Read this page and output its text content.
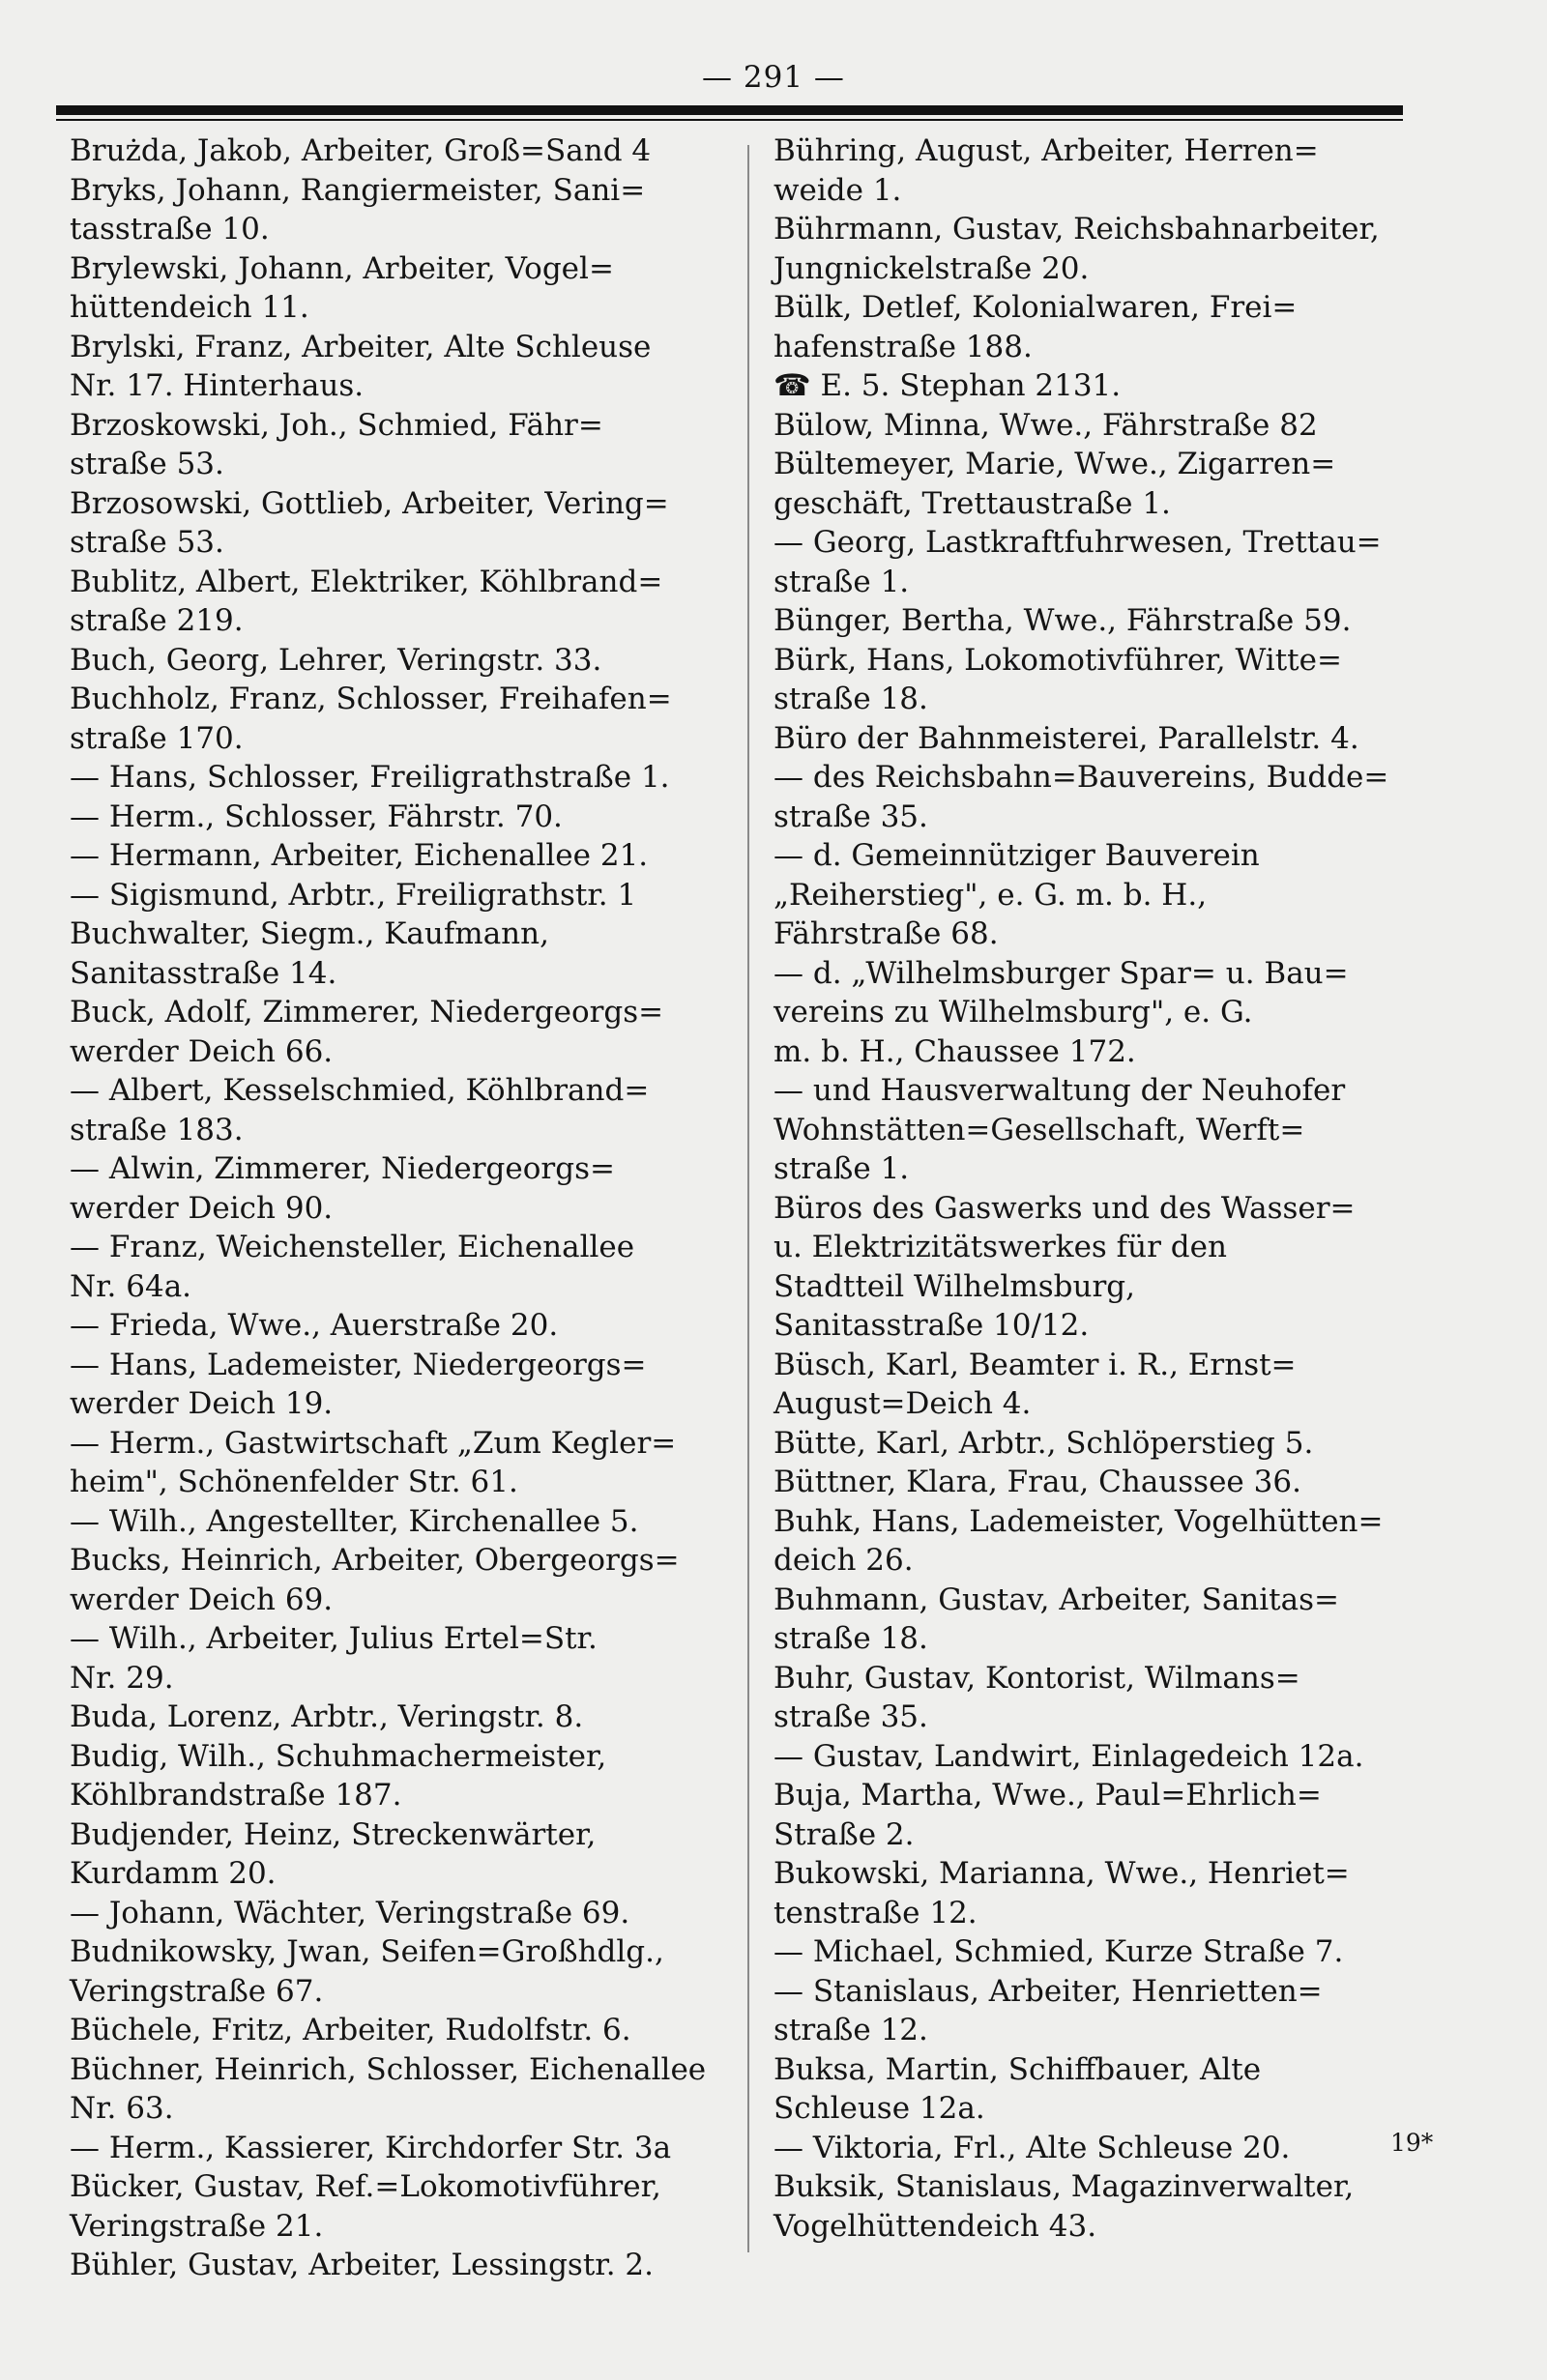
— 291 —
Brużda, Jakob, Arbeiter, Groß=Sand 4
Bryks, Johann, Rangiermeister, Sani=
tasstraße 10.
Brylewski, Johann, Arbeiter, Vogel=
hüttendeich 11.
Brylski, Franz, Arbeiter, Alte Schleuse
Nr. 17. Hinterhaus.
Brzoskowski, Joh., Schmied, Fähr=
straße 53.
Brzosowski, Gottlieb, Arbeiter, Vering=
straße 53.
Bublitz, Albert, Elektriker, Köhlbrand=
straße 219.
Buch, Georg, Lehrer, Veringstr. 33.
Buchholz, Franz, Schlosser, Freihafen=
straße 170.
— Hans, Schlosser, Freiligrathstraße 1.
— Herm., Schlosser, Fährstr. 70.
— Hermann, Arbeiter, Eichenallee 21.
— Sigismund, Arbtr., Freiligrathstr. 1
Buchwalter, Siegm., Kaufmann,
Sanitasstraße 14.
Buck, Adolf, Zimmerer, Niedergeorgs=
werder Deich 66.
— Albert, Kesselschmied, Köhlbrand=
straße 183.
— Alwin, Zimmerer, Niedergeorgs=
werder Deich 90.
— Franz, Weichensteller, Eichenallee
Nr. 64a.
— Frieda, Wwe., Auerstraße 20.
— Hans, Lademeister, Niedergeorgs=
werder Deich 19.
— Herm., Gastwirtschaft „Zum Kegler=
heim", Schönenfelder Str. 61.
— Wilh., Angestellter, Kirchenallee 5.
Bucks, Heinrich, Arbeiter, Obergeorgs=
werder Deich 69.
— Wilh., Arbeiter, Julius Ertel=Str.
Nr. 29.
Buda, Lorenz, Arbtr., Veringstr. 8.
Budig, Wilh., Schuhmachermeister,
Köhlbrandstraße 187.
Budjender, Heinz, Streckenwärter,
Kurdamm 20.
— Johann, Wächter, Veringstraße 69.
Budnikowsky, Jwan, Seifen=Großhdlg.,
Veringstraße 67.
Büchele, Fritz, Arbeiter, Rudolfstr. 6.
Büchner, Heinrich, Schlosser, Eichenallee
Nr. 63.
— Herm., Kassierer, Kirchdorfer Str. 3a
Bücker, Gustav, Ref.=Lokomotivführer,
Veringstraße 21.
Bühler, Gustav, Arbeiter, Lessingstr. 2.
Bühring, August, Arbeiter, Herren=
weide 1.
Bührmann, Gustav, Reichsbahnarbeiter,
Jungnickelstraße 20.
Bülk, Detlef, Kolonialwaren, Frei=
hafenstraße 188.
☎ E. 5. Stephan 2131.
Bülow, Minna, Wwe., Fährstraße 82
Bültemeyer, Marie, Wwe., Zigarren=
geschäft, Trettaustraße 1.
— Georg, Lastkraftfuhrwesen, Trettau=
straße 1.
Bünger, Bertha, Wwe., Fährstraße 59.
Bürk, Hans, Lokomotivführer, Witte=
straße 18.
Büro der Bahnmeisterei, Parallelstr. 4.
— des Reichsbahn=Bauvereins, Budde=
straße 35.
— d. Gemeinnütziger Bauverein
„Reiherstieg", e. G. m. b. H.,
Fährstraße 68.
— d. „Wilhelmsburger Spar= u. Bau=
vereins zu Wilhelmsburg", e. G.
m. b. H., Chaussee 172.
— und Hausverwaltung der Neuhofer
Wohnstätten=Gesellschaft, Werft=
straße 1.
Büros des Gaswerks und des Wasser=
u. Elektrizitätswerkes für den
Stadtteil Wilhelmsburg,
Sanitasstraße 10/12.
Büsch, Karl, Beamter i. R., Ernst=
August=Deich 4.
Bütte, Karl, Arbtr., Schlöperstieg 5.
Büttner, Klara, Frau, Chaussee 36.
Buhk, Hans, Lademeister, Vogelhütten=
deich 26.
Buhmann, Gustav, Arbeiter, Sanitas=
straße 18.
Buhr, Gustav, Kontorist, Wilmans=
straße 35.
— Gustav, Landwirt, Einlagedeich 12a.
Buja, Martha, Wwe., Paul=Ehrlich=
Straße 2.
Bukowski, Marianna, Wwe., Henriet=
tenstraße 12.
— Michael, Schmied, Kurze Straße 7.
— Stanislaus, Arbeiter, Henrietten=
straße 12.
Buksa, Martin, Schiffbauer, Alte
Schleuse 12a.
— Viktoria, Frl., Alte Schleuse 20.
Buksik, Stanislaus, Magazinverwalter,
Vogelhüttendeich 43.
19*
